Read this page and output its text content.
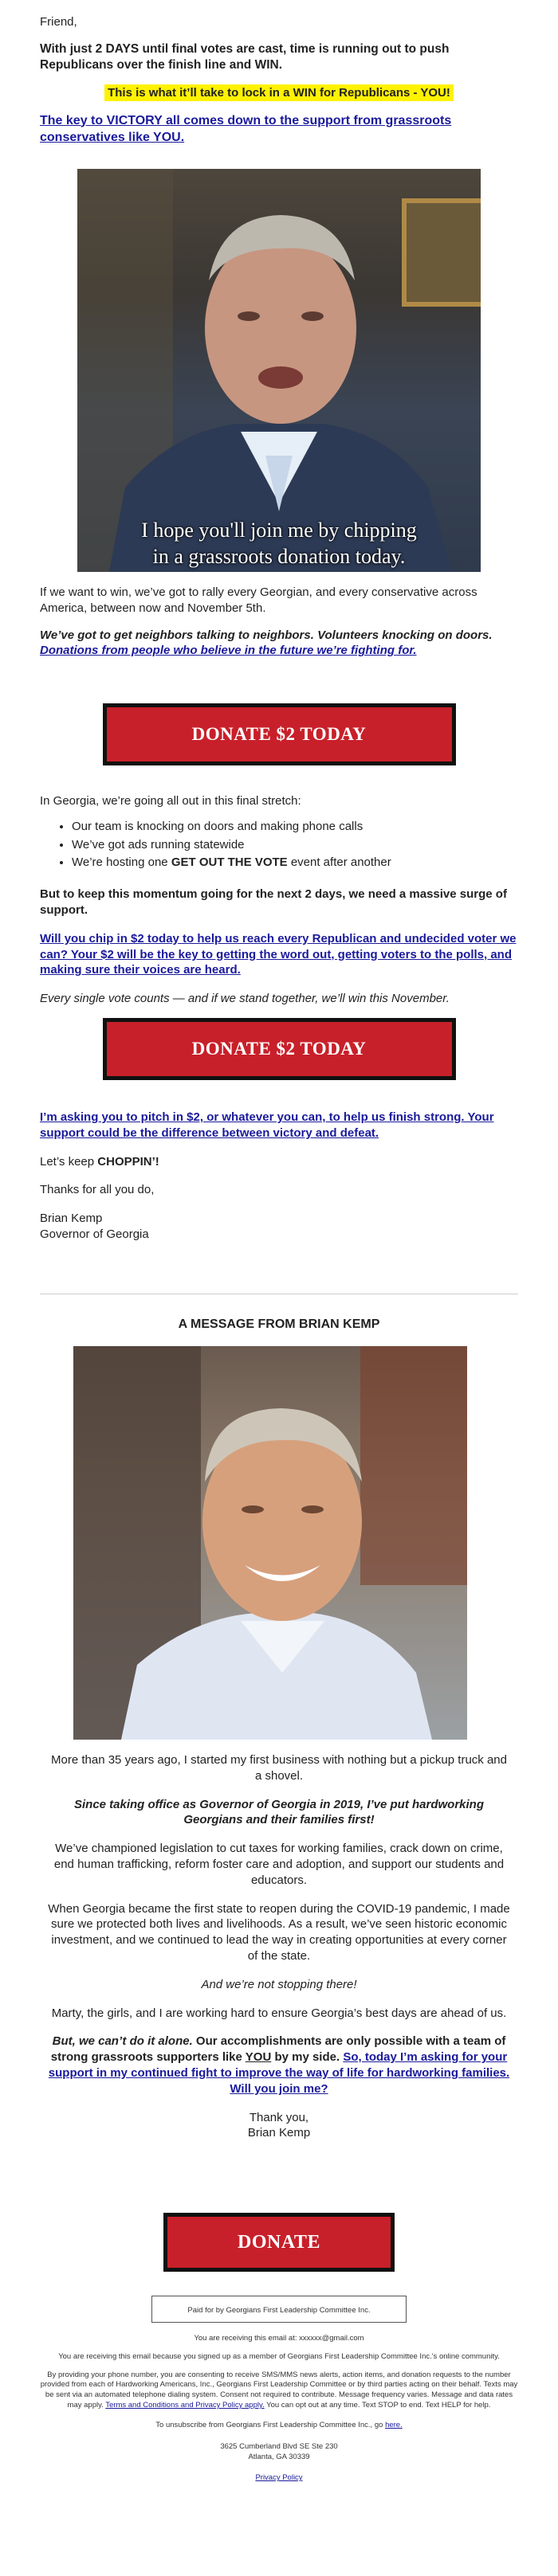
Friend,

With just 2 DAYS until final votes are cast, time is running out to push Republicans over the finish line and WIN.

This is what it’ll take to lock in a WIN for Republicans - YOU!

The key to VICTORY all comes down to the support from grassroots conservatives like YOU.

I hope you'll join me by chipping
in a grassroots donation today.

If we want to win, we’ve got to rally every Georgian, and every conservative across America, between now and November 5th.

We’ve got to get neighbors talking to neighbors. Volunteers knocking on doors. Donations from people who believe in the future we’re fighting for.

DONATE $2 TODAY

In Georgia, we’re going all out in this final stretch:

• Our team is knocking on doors and making phone calls
• We’ve got ads running statewide
• We’re hosting one GET OUT THE VOTE event after another

But to keep this momentum going for the next 2 days, we need a massive surge of support.

Will you chip in $2 today to help us reach every Republican and undecided voter we can? Your $2 will be the key to getting the word out, getting voters to the polls, and making sure their voices are heard.

Every single vote counts — and if we stand together, we’ll win this November.

DONATE $2 TODAY

I’m asking you to pitch in $2, or whatever you can, to help us finish strong. Your support could be the difference between victory and defeat.

Let’s keep CHOPPIN’!

Thanks for all you do,

Brian Kemp

Governor of Georgia

A MESSAGE FROM BRIAN KEMP

More than 35 years ago, I started my first business with nothing but a pickup truck and a shovel.

Since taking office as Governor of Georgia in 2019, I’ve put hardworking Georgians and their families first!

We’ve championed legislation to cut taxes for working families, crack down on crime, end human trafficking, reform foster care and adoption, and support our students and educators.

When Georgia became the first state to reopen during the COVID-19 pandemic, I made sure we protected both lives and livelihoods. As a result, we’ve seen historic economic investment, and we continued to lead the way in creating opportunities at every corner of the state.

And we’re not stopping there!

Marty, the girls, and I are working hard to ensure Georgia’s best days are ahead of us.

But, we can’t do it alone. Our accomplishments are only possible with a team of strong grassroots supporters like YOU by my side. So, today I’m asking for your support in my continued fight to improve the way of life for hardworking families. Will you join me?

Thank you,

Brian Kemp

DONATE
Paid for by Georgians First Leadership Committee Inc.

You are receiving this email at: xxxxxx@gmail.com

You are receiving this email because you signed up as a member of Georgians First Leadership Committee Inc.'s online community.

By providing your phone number, you are consenting to receive SMS/MMS news alerts, action items, and donation requests to the number provided from each of Hardworking Americans, Inc., Georgians First Leadership Committee or by third parties acting on their behalf. Texts may be sent via an automated telephone dialing system. Consent not required to contribute. Message frequency varies. Message and data rates may apply. Terms and Conditions and Privacy Policy apply. You can opt out at any time. Text STOP to end. Text HELP for help.

To unsubscribe from Georgians First Leadership Committee Inc., go here.

3625 Cumberland Blvd SE Ste 230

Atlanta, GA 30339

Privacy Policy
